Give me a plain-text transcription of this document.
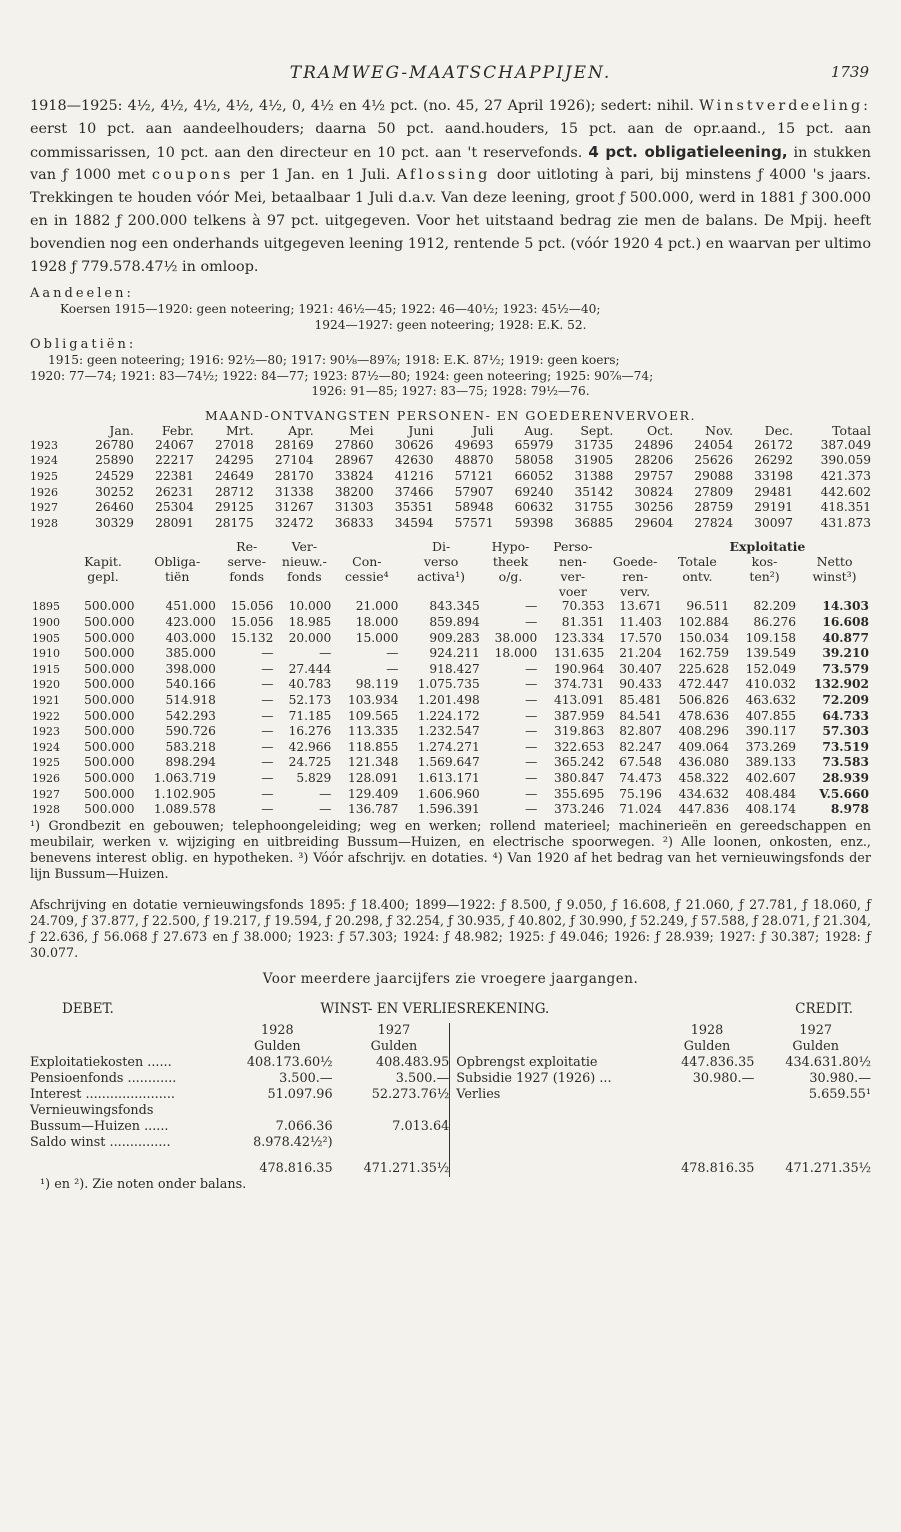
TRAMWEG-MAATSCHAPPIJEN.	1739

1918—1925: 4½, 4½, 4½, 4½, 4½, 0, 4½ en 4½ pct. (no. 45, 27 April 1926); sedert: nihil. Winstverdeeling: eerst 10 pct. aan aandeelhouders; daarna 50 pct. aand.houders, 15 pct. aan de opr.aand., 15 pct. aan commissarissen, 10 pct. aan den directeur en 10 pct. aan 't reservefonds. 4 pct. obligatieleening, in stukken van ƒ 1000 met coupons per 1 Jan. en 1 Juli. Aflossing door uitloting à pari, bij minstens ƒ 4000 's jaars. Trekkingen te houden vóór Mei, betaalbaar 1 Juli d.a.v. Van deze leening, groot ƒ 500.000, werd in 1881 ƒ 300.000 en in 1882 ƒ 200.000 telkens à 97 pct. uitgegeven. Voor het uitstaand bedrag zie men de balans. De Mpij. heeft bovendien nog een onderhands uitgegeven leening 1912, rentende 5 pct. (vóór 1920 4 pct.) en waarvan per ultimo 1928 ƒ 779.578.47½ in omloop.

Aandeelen:
Koersen 1915—1920: geen noteering; 1921: 46½—45; 1922: 46—40½; 1923: 45½—40;
1924—1927: geen noteering; 1928: E.K. 52.
Obligatiën:
1915: geen noteering; 1916: 92½—80; 1917: 90⅛—89⅞; 1918: E.K. 87½; 1919: geen koers;
1920: 77—74; 1921: 83—74½; 1922: 84—77; 1923: 87½—80; 1924: geen noteering; 1925: 90⅞—74;
1926: 91—85; 1927: 83—75; 1928: 79½—76.
MAAND-ONTVANGSTEN PERSONEN- EN GOEDERENVERVOER.
	Jan.	Febr.	Mrt.	Apr.	Mei	Juni	Juli	Aug.	Sept.	Oct.	Nov.	Dec.	Totaal
1923	26780	24067	27018	28169	27860	30626	49693	65979	31735	24896	24054	26172	387.049
1924	25890	22217	24295	27104	28967	42630	48870	58058	31905	28206	25626	26292	390.059
1925	24529	22381	24649	28170	33824	41216	57121	66052	31388	29757	29088	33198	421.373
1926	30252	26231	28712	31338	38200	37466	57907	69240	35142	30824	27809	29481	442.602
1927	26460	25304	29125	31267	31303	35351	58948	60632	31755	30256	28759	29191	418.351
1928	30329	28091	28175	32472	36833	34594	57571	59398	36885	29604	27824	30097	431.873
			Re-	Ver-		Di-	Hypo-	Perso-		Exploitatie		
	Kapit.	Obliga-	serve-	nieuw.-	Con-	verso	theek	nen-	Goede-	Totale	kos-	Netto
	gepl.	tiën	fonds	fonds	cessie⁴	activa¹)	o/g.	ver-	ren-	ontv.	ten²)	winst³)
								voer	verv.			
1895	500.000	451.000	15.056	10.000	21.000	843.345	—	70.353	13.671	96.511	82.209	14.303
1900	500.000	423.000	15.056	18.985	18.000	859.894	—	81.351	11.403	102.884	86.276	16.608
1905	500.000	403.000	15.132	20.000	15.000	909.283	38.000	123.334	17.570	150.034	109.158	40.877
1910	500.000	385.000	—	—	—	924.211	18.000	131.635	21.204	162.759	139.549	39.210
1915	500.000	398.000	—	27.444	—	918.427	—	190.964	30.407	225.628	152.049	73.579
1920	500.000	540.166	—	40.783	98.119	1.075.735	—	374.731	90.433	472.447	410.032	132.902
1921	500.000	514.918	—	52.173	103.934	1.201.498	—	413.091	85.481	506.826	463.632	72.209
1922	500.000	542.293	—	71.185	109.565	1.224.172	—	387.959	84.541	478.636	407.855	64.733
1923	500.000	590.726	—	16.276	113.335	1.232.547	—	319.863	82.807	408.296	390.117	57.303
1924	500.000	583.218	—	42.966	118.855	1.274.271	—	322.653	82.247	409.064	373.269	73.519
1925	500.000	898.294	—	24.725	121.348	1.569.647	—	365.242	67.548	436.080	389.133	73.583
1926	500.000	1.063.719	—	5.829	128.091	1.613.171	—	380.847	74.473	458.322	402.607	28.939
1927	500.000	1.102.905	—	—	129.409	1.606.960	—	355.695	75.196	434.632	408.484	V.5.660
1928	500.000	1.089.578	—	—	136.787	1.596.391	—	373.246	71.024	447.836	408.174	8.978
¹) Grondbezit en gebouwen; telephoongeleiding; weg en werken; rollend materieel; machinerieën en gereedschappen en meubilair, werken v. wijziging en uitbreiding Bussum—Huizen, en electrische spoorwegen. ²) Alle loonen, onkosten, enz., benevens interest oblig. en hypotheken. ³) Vóór afschrijv. en dotaties. ⁴) Van 1920 af het bedrag van het vernieuwingsfonds der lijn Bussum—Huizen.
Afschrijving en dotatie vernieuwingsfonds 1895: ƒ 18.400; 1899—1922: ƒ 8.500, ƒ 9.050, ƒ 16.608, ƒ 21.060, ƒ 27.781, ƒ 18.060, ƒ 24.709, ƒ 37.877, ƒ 22.500, ƒ 19.217, ƒ 19.594, ƒ 20.298, ƒ 32.254, ƒ 30.935, ƒ 40.802, ƒ 30.990, ƒ 52.249, ƒ 57.588, ƒ 28.071, ƒ 21.304, ƒ 22.636, ƒ 56.068 ƒ 27.673 en ƒ 38.000; 1923: ƒ 57.303; 1924: ƒ 48.982; 1925: ƒ 49.046; 1926: ƒ 28.939; 1927: ƒ 30.387; 1928: ƒ 30.077.
Voor meerdere jaarcijfers zie vroegere jaargangen.
DEBET.	WINST- EN VERLIESREKENING.				CREDIT.	
	1928	1927			1928	1927
	Gulden	Gulden			Gulden	Gulden
Exploitatiekosten ......	408.173.60½	408.483.95		Opbrengst exploitatie	447.836.35	434.631.80½
Pensioenfonds ............	3.500.—	3.500.—		Subsidie 1927 (1926) ...	30.980.—	30.980.—
Interest ......................	51.097.96	52.273.76½		Verlies		5.659.55¹
Vernieuwingsfonds						
Bussum—Huizen ......	7.066.36	7.013.64				
Saldo winst ...............	8.978.42½²)					
	478.816.35	471.271.35½			478.816.35	471.271.35½
¹) en ²). Zie noten onder balans.
